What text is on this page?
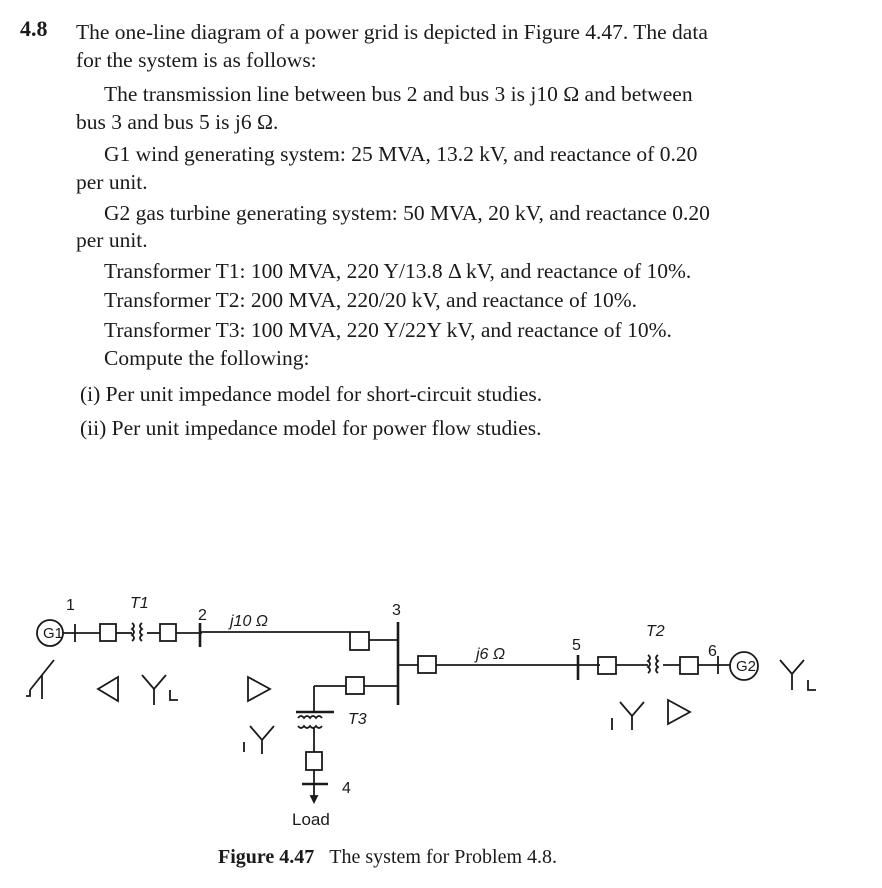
4.8 The one-line diagram of a power grid is depicted in Figure 4.47. The data
for the system is as follows:
The transmission line between bus 2 and bus 3 is j10 Ω and between
bus 3 and bus 5 is j6 Ω.
G1 wind generating system: 25 MVA, 13.2 kV, and reactance of 0.20
per unit.
G2 gas turbine generating system: 50 MVA, 20 kV, and reactance 0.20
per unit.
Transformer T1: 100 MVA, 220 Y/13.8 Δ kV, and reactance of 10%.
Transformer T2: 200 MVA, 220/20 kV, and reactance of 10%.
Transformer T3: 100 MVA, 220 Y/22Y kV, and reactance of 10%.
Compute the following:
(i) Per unit impedance model for short-circuit studies.
(ii) Per unit impedance model for power flow studies.
G1
G2
1	T1
2 j10 Ω
3
j6 Ω
5
T2
6
T3
4
Load
Figure 4.47 The system for Problem 4.8.
